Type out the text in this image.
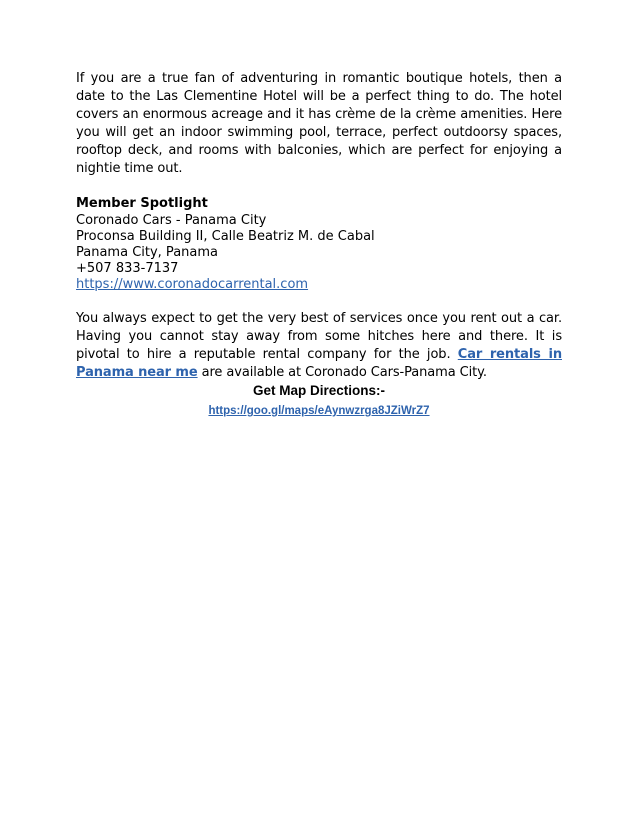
If you are a true fan of adventuring in romantic boutique hotels, then a date to the Las Clementine Hotel will be a perfect thing to do. The hotel covers an enormous acreage and it has crème de la crème amenities. Here you will get an indoor swimming pool, terrace, perfect outdoorsy spaces, rooftop deck, and rooms with balconies, which are perfect for enjoying a nightie time out.

Member Spotlight

Coronado Cars - Panama City

Proconsa Building II, Calle Beatriz M. de Cabal

Panama City, Panama

+507 833-7137

https://www.coronadocarrental.com

You always expect to get the very best of services once you rent out a car. Having you cannot stay away from some hitches here and there. It is pivotal to hire a reputable rental company for the job. Car rentals in Panama near me are available at Coronado Cars-Panama City.

Get Map Directions:-

https://goo.gl/maps/eAynwzrga8JZiWrZ7
